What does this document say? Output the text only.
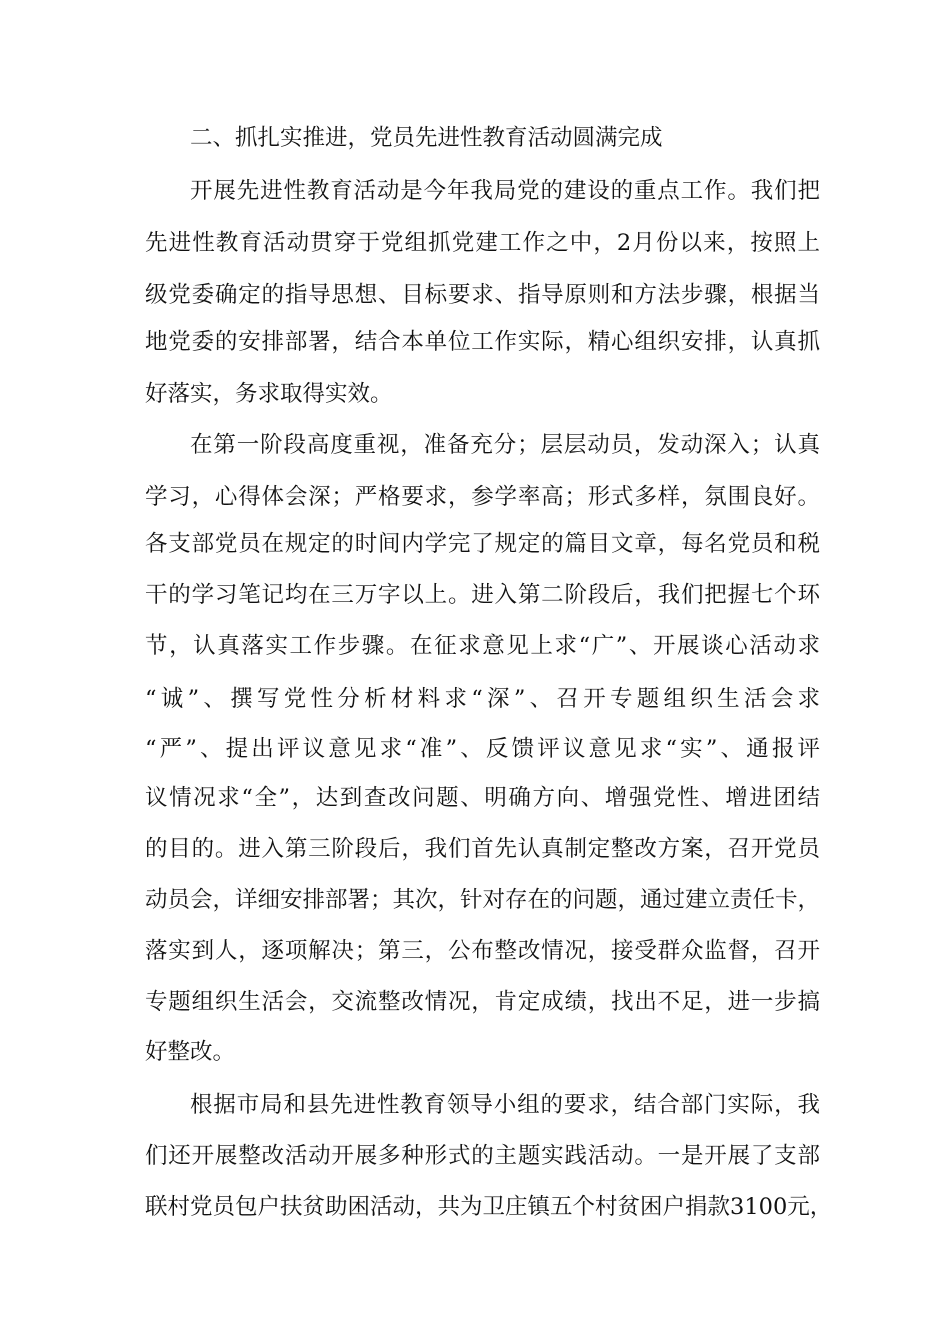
二、抓扎实推进，党员先进性教育活动圆满完成

开展先进性教育活动是今年我局党的建设的重点工作。我们把

先进性教育活动贯穿于党组抓党建工作之中，2月份以来，按照上

级党委确定的指导思想、目标要求、指导原则和方法步骤，根据当

地党委的安排部署，结合本单位工作实际，精心组织安排，认真抓

好落实，务求取得实效。

在第一阶段高度重视，准备充分；层层动员，发动深入；认真

学习，心得体会深；严格要求，参学率高；形式多样，氛围良好。

各支部党员在规定的时间内学完了规定的篇目文章，每名党员和税

干的学习笔记均在三万字以上。进入第二阶段后，我们把握七个环

节，认真落实工作步骤。在征求意见上求“广”、开展谈心活动求

“诚”、撰写党性分析材料求“深”、召开专题组织生活会求

“严”、提出评议意见求“准”、反馈评议意见求“实”、通报评

议情况求“全”，达到查改问题、明确方向、增强党性、增进团结

的目的。进入第三阶段后，我们首先认真制定整改方案，召开党员

动员会，详细安排部署；其次，针对存在的问题，通过建立责任卡，

落实到人，逐项解决；第三，公布整改情况，接受群众监督，召开

专题组织生活会，交流整改情况，肯定成绩，找出不足，进一步搞

好整改。

根据市局和县先进性教育领导小组的要求，结合部门实际，我

们还开展整改活动开展多种形式的主题实践活动。一是开展了支部

联村党员包户扶贫助困活动，共为卫庄镇五个村贫困户捐款3100元，
